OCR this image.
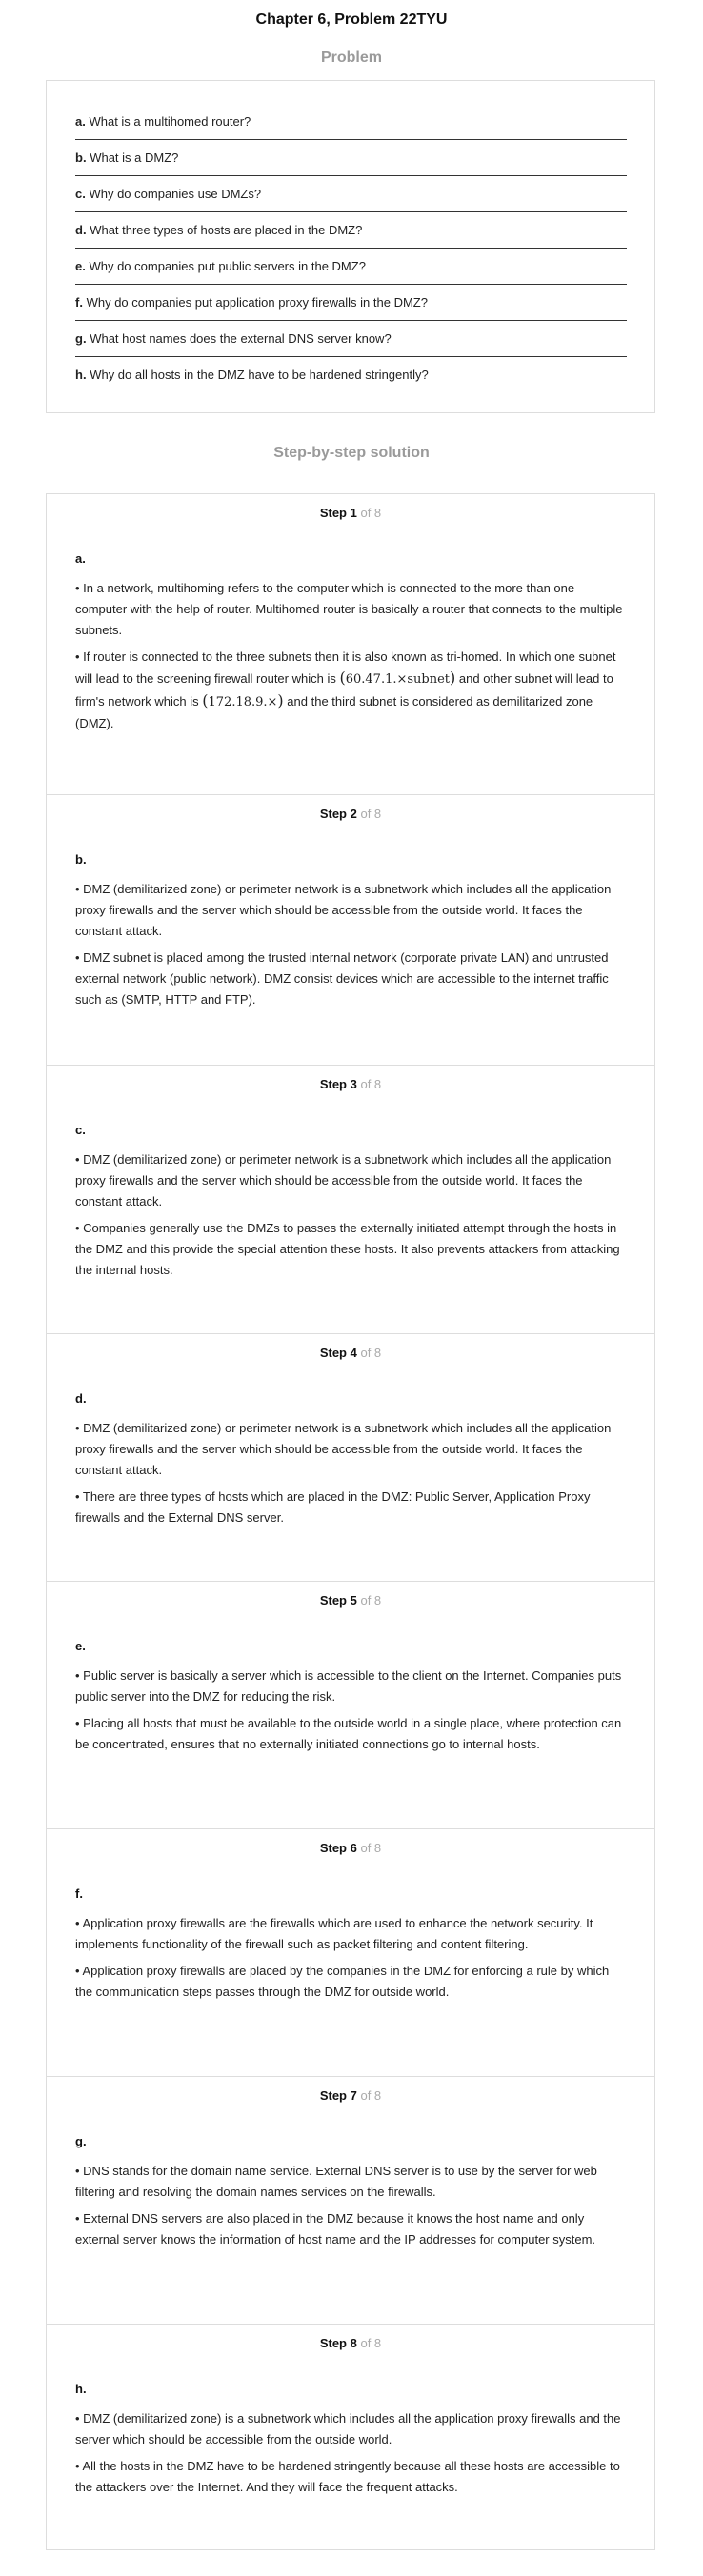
Chapter 6, Problem 22TYU
Problem
a. What is a multihomed router?
b. What is a DMZ?
c. Why do companies use DMZs?
d. What three types of hosts are placed in the DMZ?
e. Why do companies put public servers in the DMZ?
f. Why do companies put application proxy firewalls in the DMZ?
g. What host names does the external DNS server know?
h. Why do all hosts in the DMZ have to be hardened stringently?
Step-by-step solution
Step 1 of 8
a.

• In a network, multihoming refers to the computer which is connected to the more than one computer with the help of router. Multihomed router is basically a router that connects to the multiple subnets.

• If router is connected to the three subnets then it is also known as tri-homed. In which one subnet will lead to the screening firewall router which is (60.47.1.×subnet) and other subnet will lead to firm's network which is (172.18.9.×) and the third subnet is considered as demilitarized zone (DMZ).

Step 2 of 8
b.

• DMZ (demilitarized zone) or perimeter network is a subnetwork which includes all the application proxy firewalls and the server which should be accessible from the outside world. It faces the constant attack.

• DMZ subnet is placed among the trusted internal network (corporate private LAN) and untrusted external network (public network). DMZ consist devices which are accessible to the internet traffic such as (SMTP, HTTP and FTP).

Step 3 of 8
c.

• DMZ (demilitarized zone) or perimeter network is a subnetwork which includes all the application proxy firewalls and the server which should be accessible from the outside world. It faces the constant attack.

• Companies generally use the DMZs to passes the externally initiated attempt through the hosts in the DMZ and this provide the special attention these hosts. It also prevents attackers from attacking the internal hosts.

Step 4 of 8
d.

• DMZ (demilitarized zone) or perimeter network is a subnetwork which includes all the application proxy firewalls and the server which should be accessible from the outside world. It faces the constant attack.

• There are three types of hosts which are placed in the DMZ: Public Server, Application Proxy firewalls and the External DNS server.

Step 5 of 8
e.

• Public server is basically a server which is accessible to the client on the Internet. Companies puts public server into the DMZ for reducing the risk.

• Placing all hosts that must be available to the outside world in a single place, where protection can be concentrated, ensures that no externally initiated connections go to internal hosts.

Step 6 of 8
f.

• Application proxy firewalls are the firewalls which are used to enhance the network security. It implements functionality of the firewall such as packet filtering and content filtering.

• Application proxy firewalls are placed by the companies in the DMZ for enforcing a rule by which the communication steps passes through the DMZ for outside world.

Step 7 of 8
g.

• DNS stands for the domain name service. External DNS server is to use by the server for web filtering and resolving the domain names services on the firewalls.

• External DNS servers are also placed in the DMZ because it knows the host name and only external server knows the information of host name and the IP addresses for computer system.

Step 8 of 8
h.

• DMZ (demilitarized zone) is a subnetwork which includes all the application proxy firewalls and the server which should be accessible from the outside world.

• All the hosts in the DMZ have to be hardened stringently because all these hosts are accessible to the attackers over the Internet. And they will face the frequent attacks.
